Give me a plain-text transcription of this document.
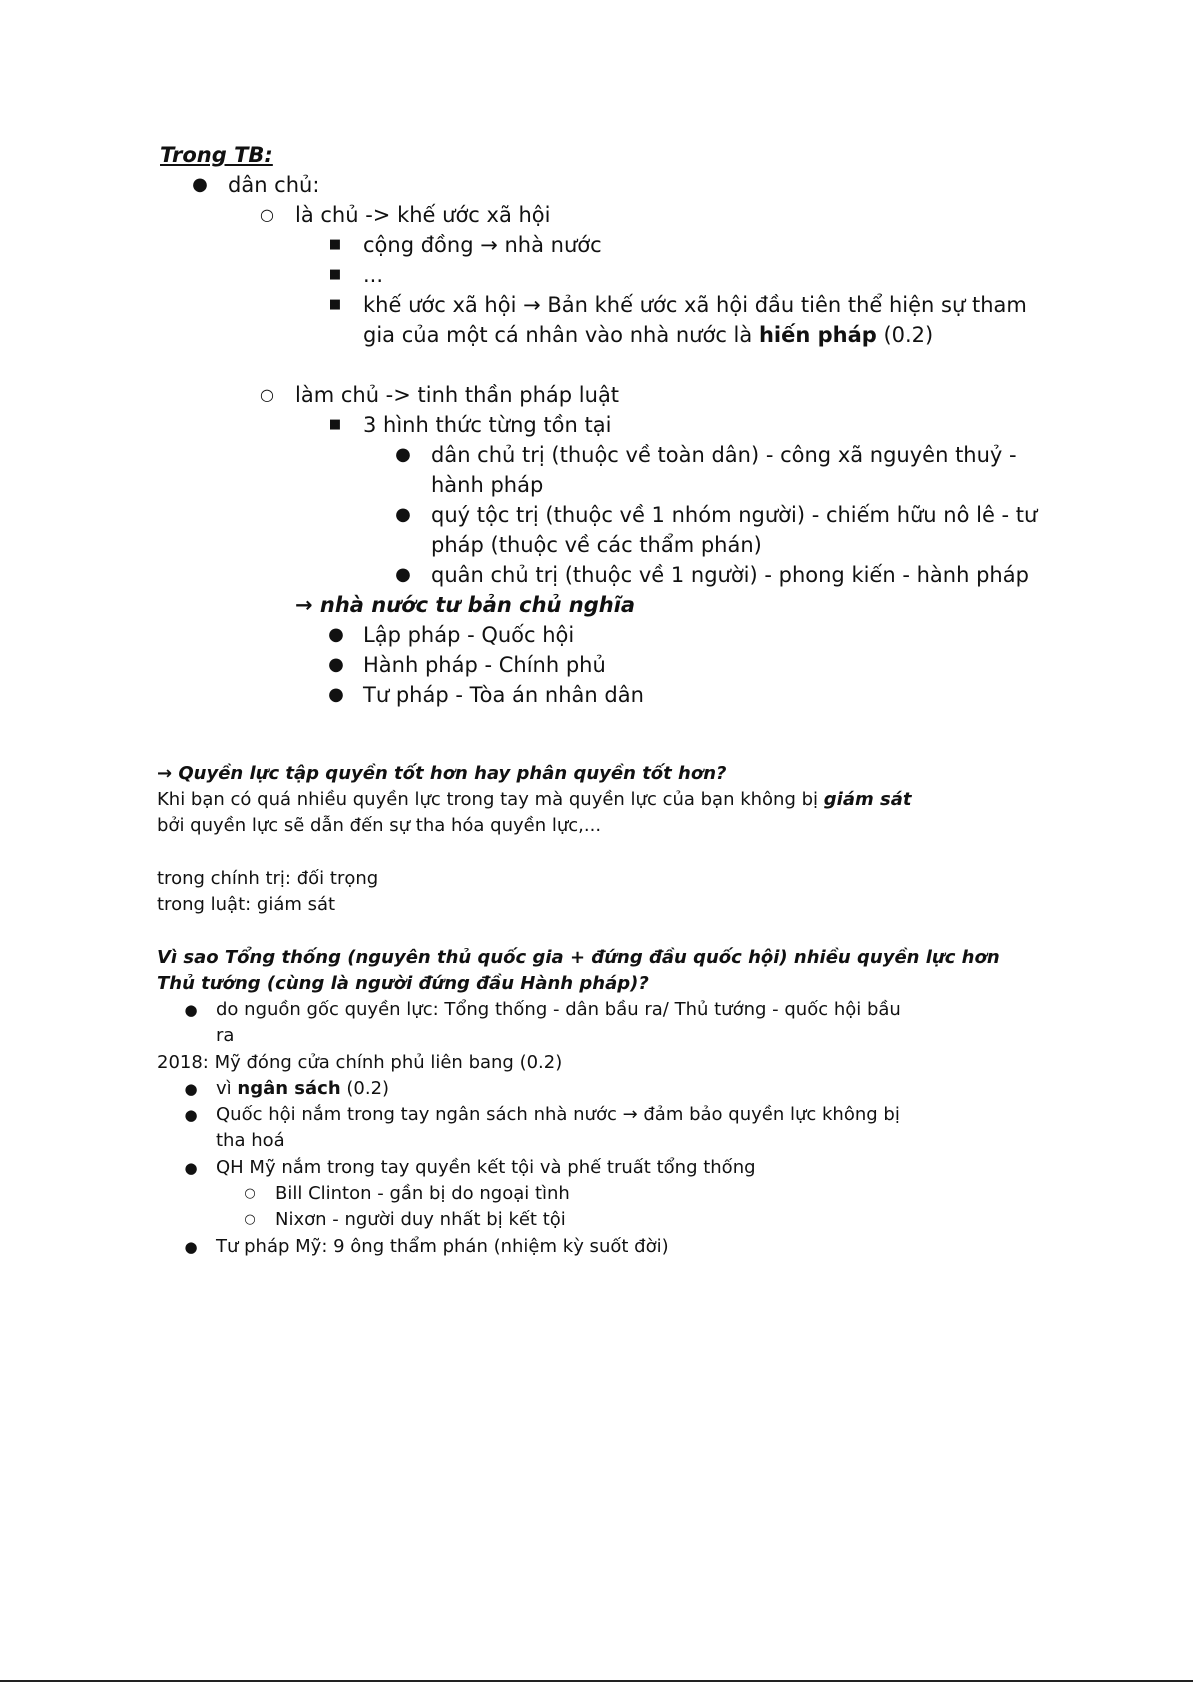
Trong TB:
● dân chủ:
○ là chủ -> khế ước xã hội
■ cộng đồng → nhà nước
■ ...
■ khế ước xã hội → Bản khế ước xã hội đầu tiên thể hiện sự tham
gia của một cá nhân vào nhà nước là hiến pháp (0.2)
○ làm chủ -> tinh thần pháp luật
■ 3 hình thức từng tồn tại
● dân chủ trị (thuộc về toàn dân) - công xã nguyên thuỷ -
hành pháp
● quý tộc trị (thuộc về 1 nhóm người) - chiếm hữu nô lê - tư
pháp (thuộc về các thẩm phán)
● quân chủ trị (thuộc về 1 người) - phong kiến - hành pháp
→ nhà nước tư bản chủ nghĩa
● Lập pháp - Quốc hội
● Hành pháp - Chính phủ
● Tư pháp - Tòa án nhân dân
→ Quyền lực tập quyền tốt hơn hay phân quyền tốt hơn?
Khi bạn có quá nhiều quyền lực trong tay mà quyền lực của bạn không bị giám sát
bởi quyền lực sẽ dẫn đến sự tha hóa quyền lực,...
trong chính trị: đối trọng
trong luật: giám sát
Vì sao Tổng thống (nguyên thủ quốc gia + đứng đầu quốc hội) nhiều quyền lực hơn
Thủ tướng (cùng là người đứng đầu Hành pháp)?
● do nguồn gốc quyền lực: Tổng thống - dân bầu ra/ Thủ tướng - quốc hội bầu
ra
2018: Mỹ đóng cửa chính phủ liên bang (0.2)
● vì ngân sách (0.2)
● Quốc hội nắm trong tay ngân sách nhà nước → đảm bảo quyền lực không bị
tha hoá
● QH Mỹ nắm trong tay quyền kết tội và phế truất tổng thống
○ Bill Clinton - gần bị do ngoại tình
○ Nixơn - người duy nhất bị kết tội
● Tư pháp Mỹ: 9 ông thẩm phán (nhiệm kỳ suốt đời)
